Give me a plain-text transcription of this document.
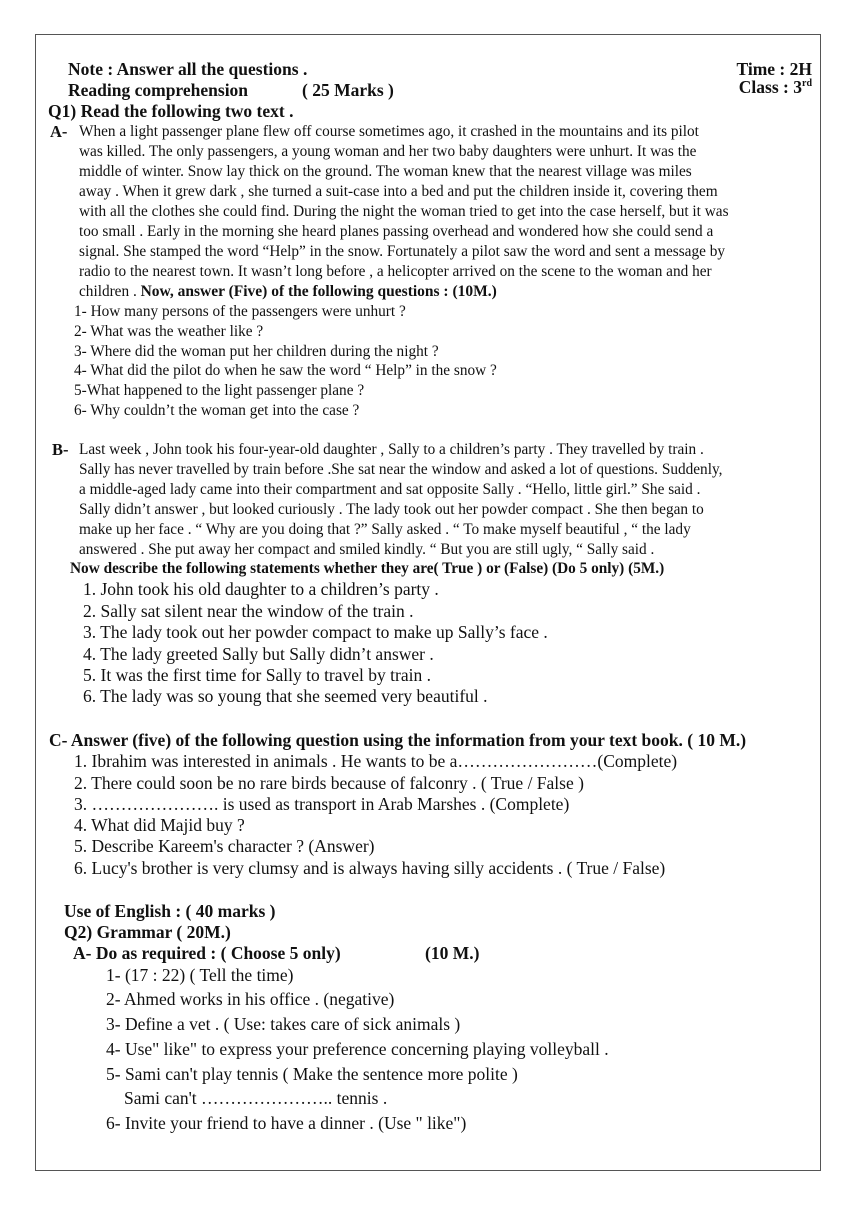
Note : Answer all the questions .	Time : 2H
Reading comprehension	( 25 Marks )	Class : 3rd
Q1) Read the following two text .
A- When a light passenger plane flew off course sometimes ago, it crashed in the mountains and its pilot
was killed. The only passengers, a young woman and her two baby daughters were unhurt. It was the
middle of winter. Snow lay thick on the ground. The woman knew that the nearest village was miles
away . When it grew dark , she turned a suit-case into a bed and put the children inside it, covering them
with all the clothes she could find. During the night the woman tried to get into the case herself, but it was
too small . Early in the morning she heard planes passing overhead and wondered how she could send a
signal. She stamped the word “Help” in the snow. Fortunately a pilot saw the word and sent a message by
radio to the nearest town. It wasn’t long before , a helicopter arrived on the scene to the woman and her
children . Now, answer (Five) of the following questions : (10M.)
1- How many persons of the passengers were unhurt ?
2- What was the weather like ?
3- Where did the woman put her children during the night ?
4- What did the pilot do when he saw the word “ Help” in the snow ?
5-What happened to the light passenger plane ?
6- Why couldn’t the woman get into the case ?
B- Last week , John took his four-year-old daughter , Sally to a children’s party . They travelled by train .
Sally has never travelled by train before .She sat near the window and asked a lot of questions. Suddenly,
a middle-aged lady came into their compartment and sat opposite Sally . “Hello, little girl.” She said .
Sally didn’t answer , but looked curiously . The lady took out her powder compact . She then began to
make up her face . “ Why are you doing that ?” Sally asked . “ To make myself beautiful , “ the lady
answered . She put away her compact and smiled kindly. “ But you are still ugly, “ Sally said .
Now describe the following statements whether they are( True ) or (False) (Do 5 only) (5M.)
1. John took his old daughter to a children’s party .
2. Sally sat silent near the window of the train .
3. The lady took out her powder compact to make up Sally’s face .
4. The lady greeted Sally but Sally didn’t answer .
5. It was the first time for Sally to travel by train .
6. The lady was so young that she seemed very beautiful .
C- Answer (five) of the following question using the information from your text book. ( 10 M.)
1. Ibrahim was interested in animals . He wants to be a……………………(Complete)
2. There could soon be no rare birds because of falconry . ( True / False )
3. …………………. is used as transport in Arab Marshes . (Complete)
4. What did Majid buy ?
5. Describe Kareem's character ? (Answer)
6. Lucy's brother is very clumsy and is always having silly accidents . ( True / False)
Use of English : ( 40 marks )
Q2) Grammar ( 20M.)
A- Do as required : ( Choose 5 only)	(10 M.)
1- (17 : 22) ( Tell the time)
2- Ahmed works in his office . (negative)
3- Define a vet . ( Use: takes care of sick animals )
4- Use" like" to express your preference concerning playing volleyball .
5- Sami can't play tennis ( Make the sentence more polite )
Sami can't ………………….. tennis .
6- Invite your friend to have a dinner . (Use " like")
